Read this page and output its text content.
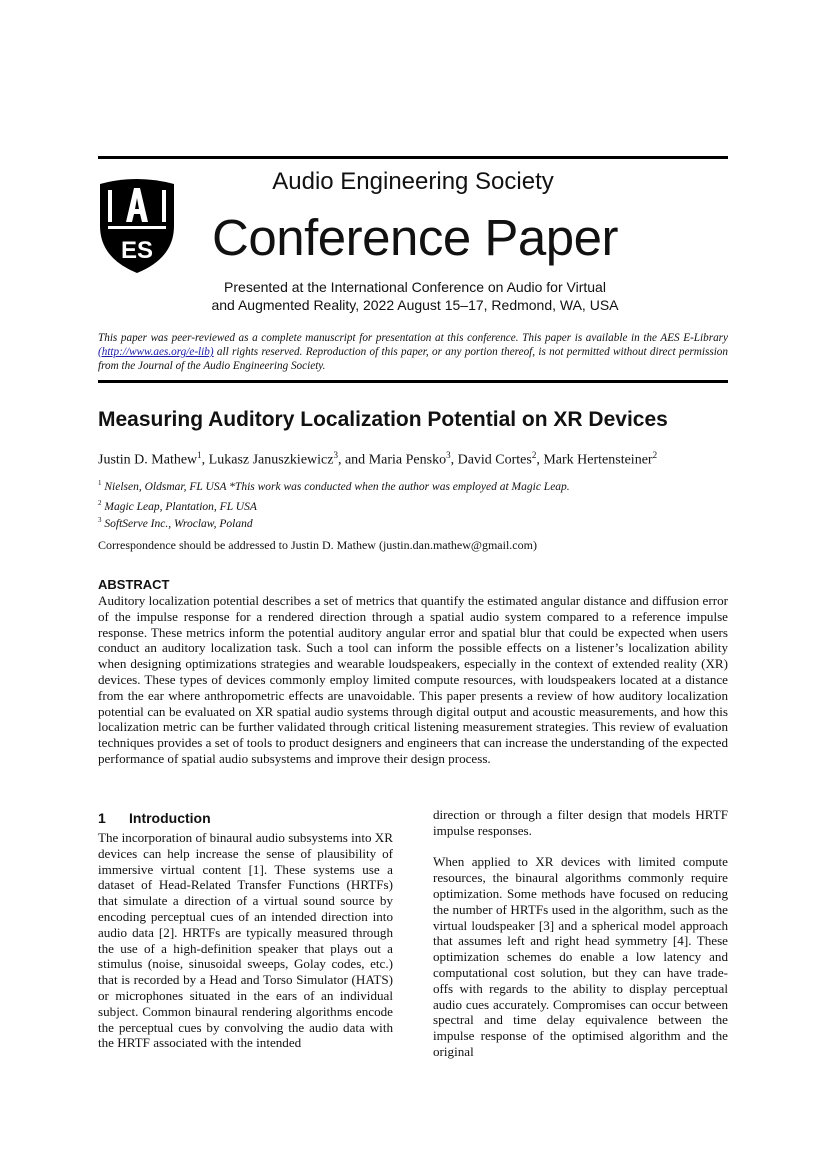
ES
Audio Engineering Society
Conference Paper
Presented at the International Conference on Audio for Virtual
and Augmented Reality, 2022 August 15–17, Redmond, WA, USA
This paper was peer-reviewed as a complete manuscript for presentation at this conference. This paper is available in the AES E-Library (http://www.aes.org/e-lib) all rights reserved. Reproduction of this paper, or any portion thereof, is not permitted without direct permission from the Journal of the Audio Engineering Society.
Measuring Auditory Localization Potential on XR Devices
Justin D. Mathew$^1$, Lukasz Januszkiewicz$^3$, and Maria Pensko$^3$, David Cortes$^2$, Mark Hertensteiner$^2$
$^1$ Nielsen, Oldsmar, FL USA *This work was conducted when the author was employed at Magic Leap.
$^2$ Magic Leap, Plantation, FL USA
$^3$ SoftServe Inc., Wroclaw, Poland
Correspondence should be addressed to Justin D. Mathew (justin.dan.mathew@gmail.com)
ABSTRACT
Auditory localization potential describes a set of metrics that quantify the estimated angular distance and diffusion error of the impulse response for a rendered direction through a spatial audio system compared to a reference impulse response. These metrics inform the potential auditory angular error and spatial blur that could be expected when users conduct an auditory localization task. Such a tool can inform the possible effects on a listener’s localization ability when designing optimizations strategies and wearable loudspeakers, especially in the context of extended reality (XR) devices. These types of devices commonly employ limited compute resources, with loudspeakers located at a distance from the ear where anthropometric effects are unavoidable. This paper presents a review of how auditory localization potential can be evaluated on XR spatial audio systems through digital output and acoustic measurements, and how this localization metric can be further validated through critical listening measurement strategies. This review of evaluation techniques provides a set of tools to product designers and engineers that can increase the understanding of the expected performance of spatial audio subsystems and improve their design process.
1 Introduction

The incorporation of binaural audio subsystems into XR devices can help increase the sense of plausibility of immersive virtual content [1]. These systems use a dataset of Head-Related Transfer Functions (HRTFs) that simulate a direction of a virtual sound source by encoding perceptual cues of an intended direction into audio data [2]. HRTFs are typically measured through the use of a high-definition speaker that plays out a stimulus (noise, sinusoidal sweeps, Golay codes, etc.) that is recorded by a Head and Torso Simulator (HATS) or microphones situated in the ears of an individual subject. Common binaural rendering algorithms encode the perceptual cues by convolving the audio data with the HRTF associated with the intended

direction or through a filter design that models HRTF impulse responses.

When applied to XR devices with limited compute resources, the binaural algorithms commonly require optimization. Some methods have focused on reducing the number of HRTFs used in the algorithm, such as the virtual loudspeaker [3] and a spherical model approach that assumes left and right head symmetry [4]. These optimization schemes do enable a low latency and computational cost solution, but they can have trade-offs with regards to the ability to display perceptual audio cues accurately. Compromises can occur between spectral and time delay equivalence between the impulse response of the optimised algorithm and the original
